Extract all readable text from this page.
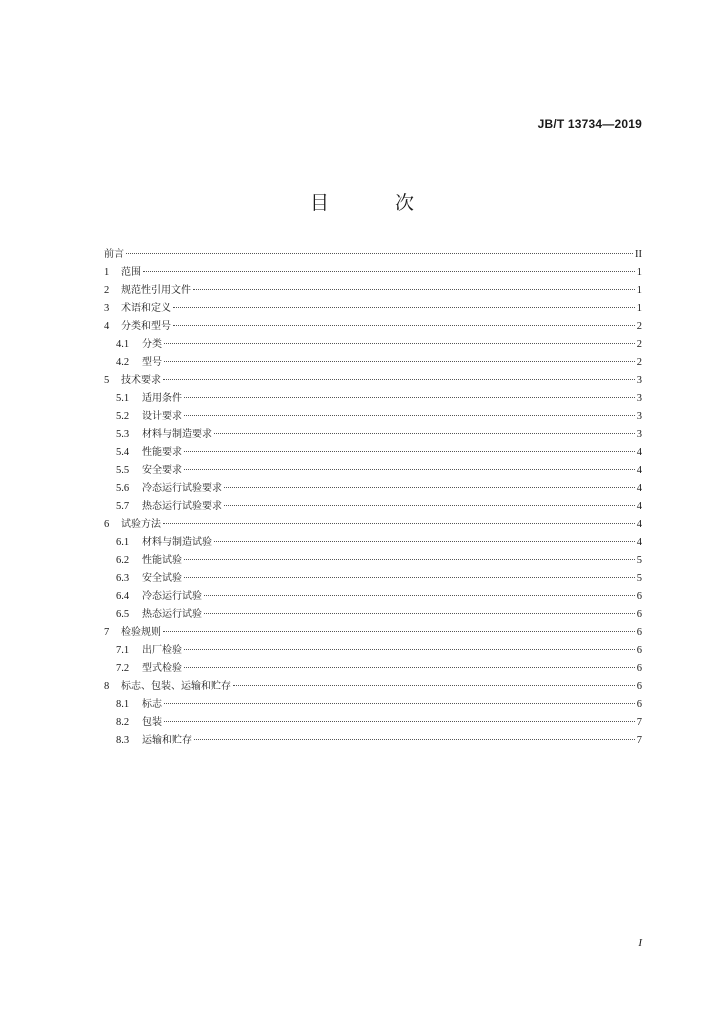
JB/T 13734—2019
目 次
前言	II
1	范围	1
2	规范性引用文件	1
3	术语和定义	1
4	分类和型号	2
4.1	分类	2
4.2	型号	2
5	技术要求	3
5.1	适用条件	3
5.2	设计要求	3
5.3	材料与制造要求	3
5.4	性能要求	4
5.5	安全要求	4
5.6	冷态运行试验要求	4
5.7	热态运行试验要求	4
6	试验方法	4
6.1	材料与制造试验	4
6.2	性能试验	5
6.3	安全试验	5
6.4	冷态运行试验	6
6.5	热态运行试验	6
7	检验规则	6
7.1	出厂检验	6
7.2	型式检验	6
8	标志、包装、运输和贮存	6
8.1	标志	6
8.2	包装	7
8.3	运输和贮存	7
I
